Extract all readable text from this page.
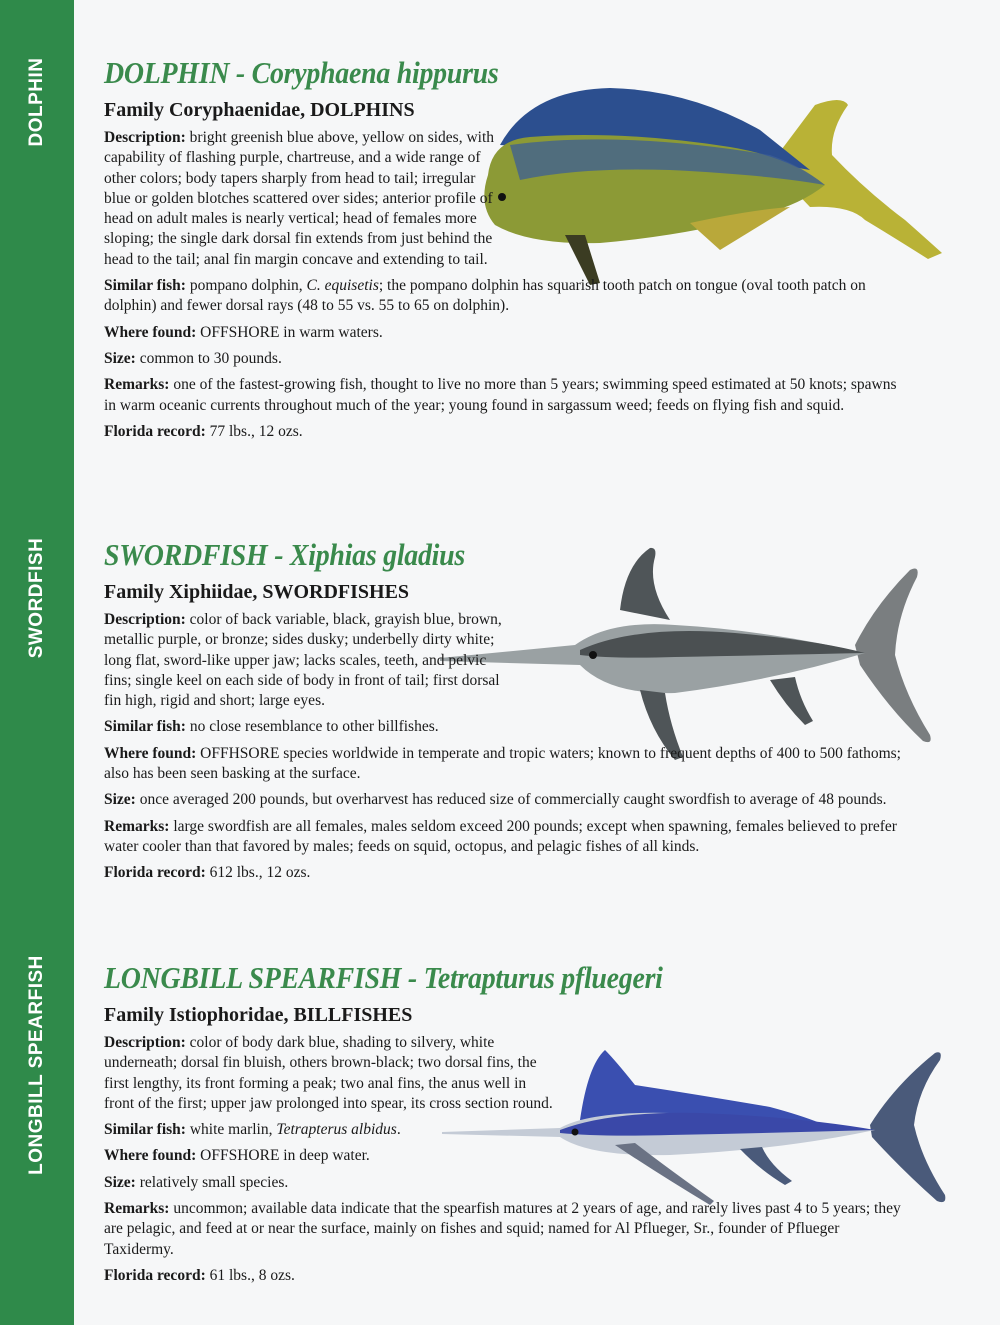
DOLPHIN
SWORDFISH
LONGBILL SPEARFISH
DOLPHIN - Coryphaena hippurus
Family Coryphaenidae, DOLPHINS

Description: bright greenish blue above, yellow on sides, with capability of flashing purple, chartreuse, and a wide range of other colors; body tapers sharply from head to tail; irregular blue or golden blotches scattered over sides; anterior profile of head on adult males is nearly vertical; head of females more sloping; the single dark dorsal fin extends from just behind the head to the tail; anal fin margin concave and extending to tail.

Similar fish: pompano dolphin, C. equisetis; the pompano dolphin has squarish tooth patch on tongue (oval tooth patch on dolphin) and fewer dorsal rays (48 to 55 vs. 55 to 65 on dolphin).

Where found: OFFSHORE in warm waters.

Size: common to 30 pounds.

Remarks: one of the fastest-growing fish, thought to live no more than 5 years; swimming speed estimated at 50 knots; spawns in warm oceanic currents throughout much of the year; young found in sargassum weed; feeds on flying fish and squid.

Florida record: 77 lbs., 12 ozs.

SWORDFISH - Xiphias gladius
Family Xiphiidae, SWORDFISHES

Description: color of back variable, black, grayish blue, brown, metallic purple, or bronze; sides dusky; underbelly dirty white; long flat, sword-like upper jaw; lacks scales, teeth, and pelvic fins; single keel on each side of body in front of tail; first dorsal fin high, rigid and short; large eyes.

Similar fish: no close resemblance to other billfishes.

Where found: OFFHSORE species worldwide in temperate and tropic waters; known to frequent depths of 400 to 500 fathoms; also has been seen basking at the surface.

Size: once averaged 200 pounds, but overharvest has reduced size of commercially caught swordfish to average of 48 pounds.

Remarks: large swordfish are all females, males seldom exceed 200 pounds; except when spawning, females believed to prefer water cooler than that favored by males; feeds on squid, octopus, and pelagic fishes of all kinds.

Florida record: 612 lbs., 12 ozs.

LONGBILL SPEARFISH - Tetrapturus pfluegeri
Family Istiophoridae, BILLFISHES

Description: color of body dark blue, shading to silvery, white underneath; dorsal fin bluish, others brown-black; two dorsal fins, the first lengthy, its front forming a peak; two anal fins, the anus well in front of the first; upper jaw prolonged into spear, its cross section round.

Similar fish: white marlin, Tetrapterus albidus.

Where found: OFFSHORE in deep water.

Size: relatively small species.

Remarks: uncommon; available data indicate that the spearfish matures at 2 years of age, and rarely lives past 4 to 5 years; they are pelagic, and feed at or near the surface, mainly on fishes and squid; named for Al Pflueger, Sr., founder of Pflueger Taxidermy.

Florida record: 61 lbs., 8 ozs.
